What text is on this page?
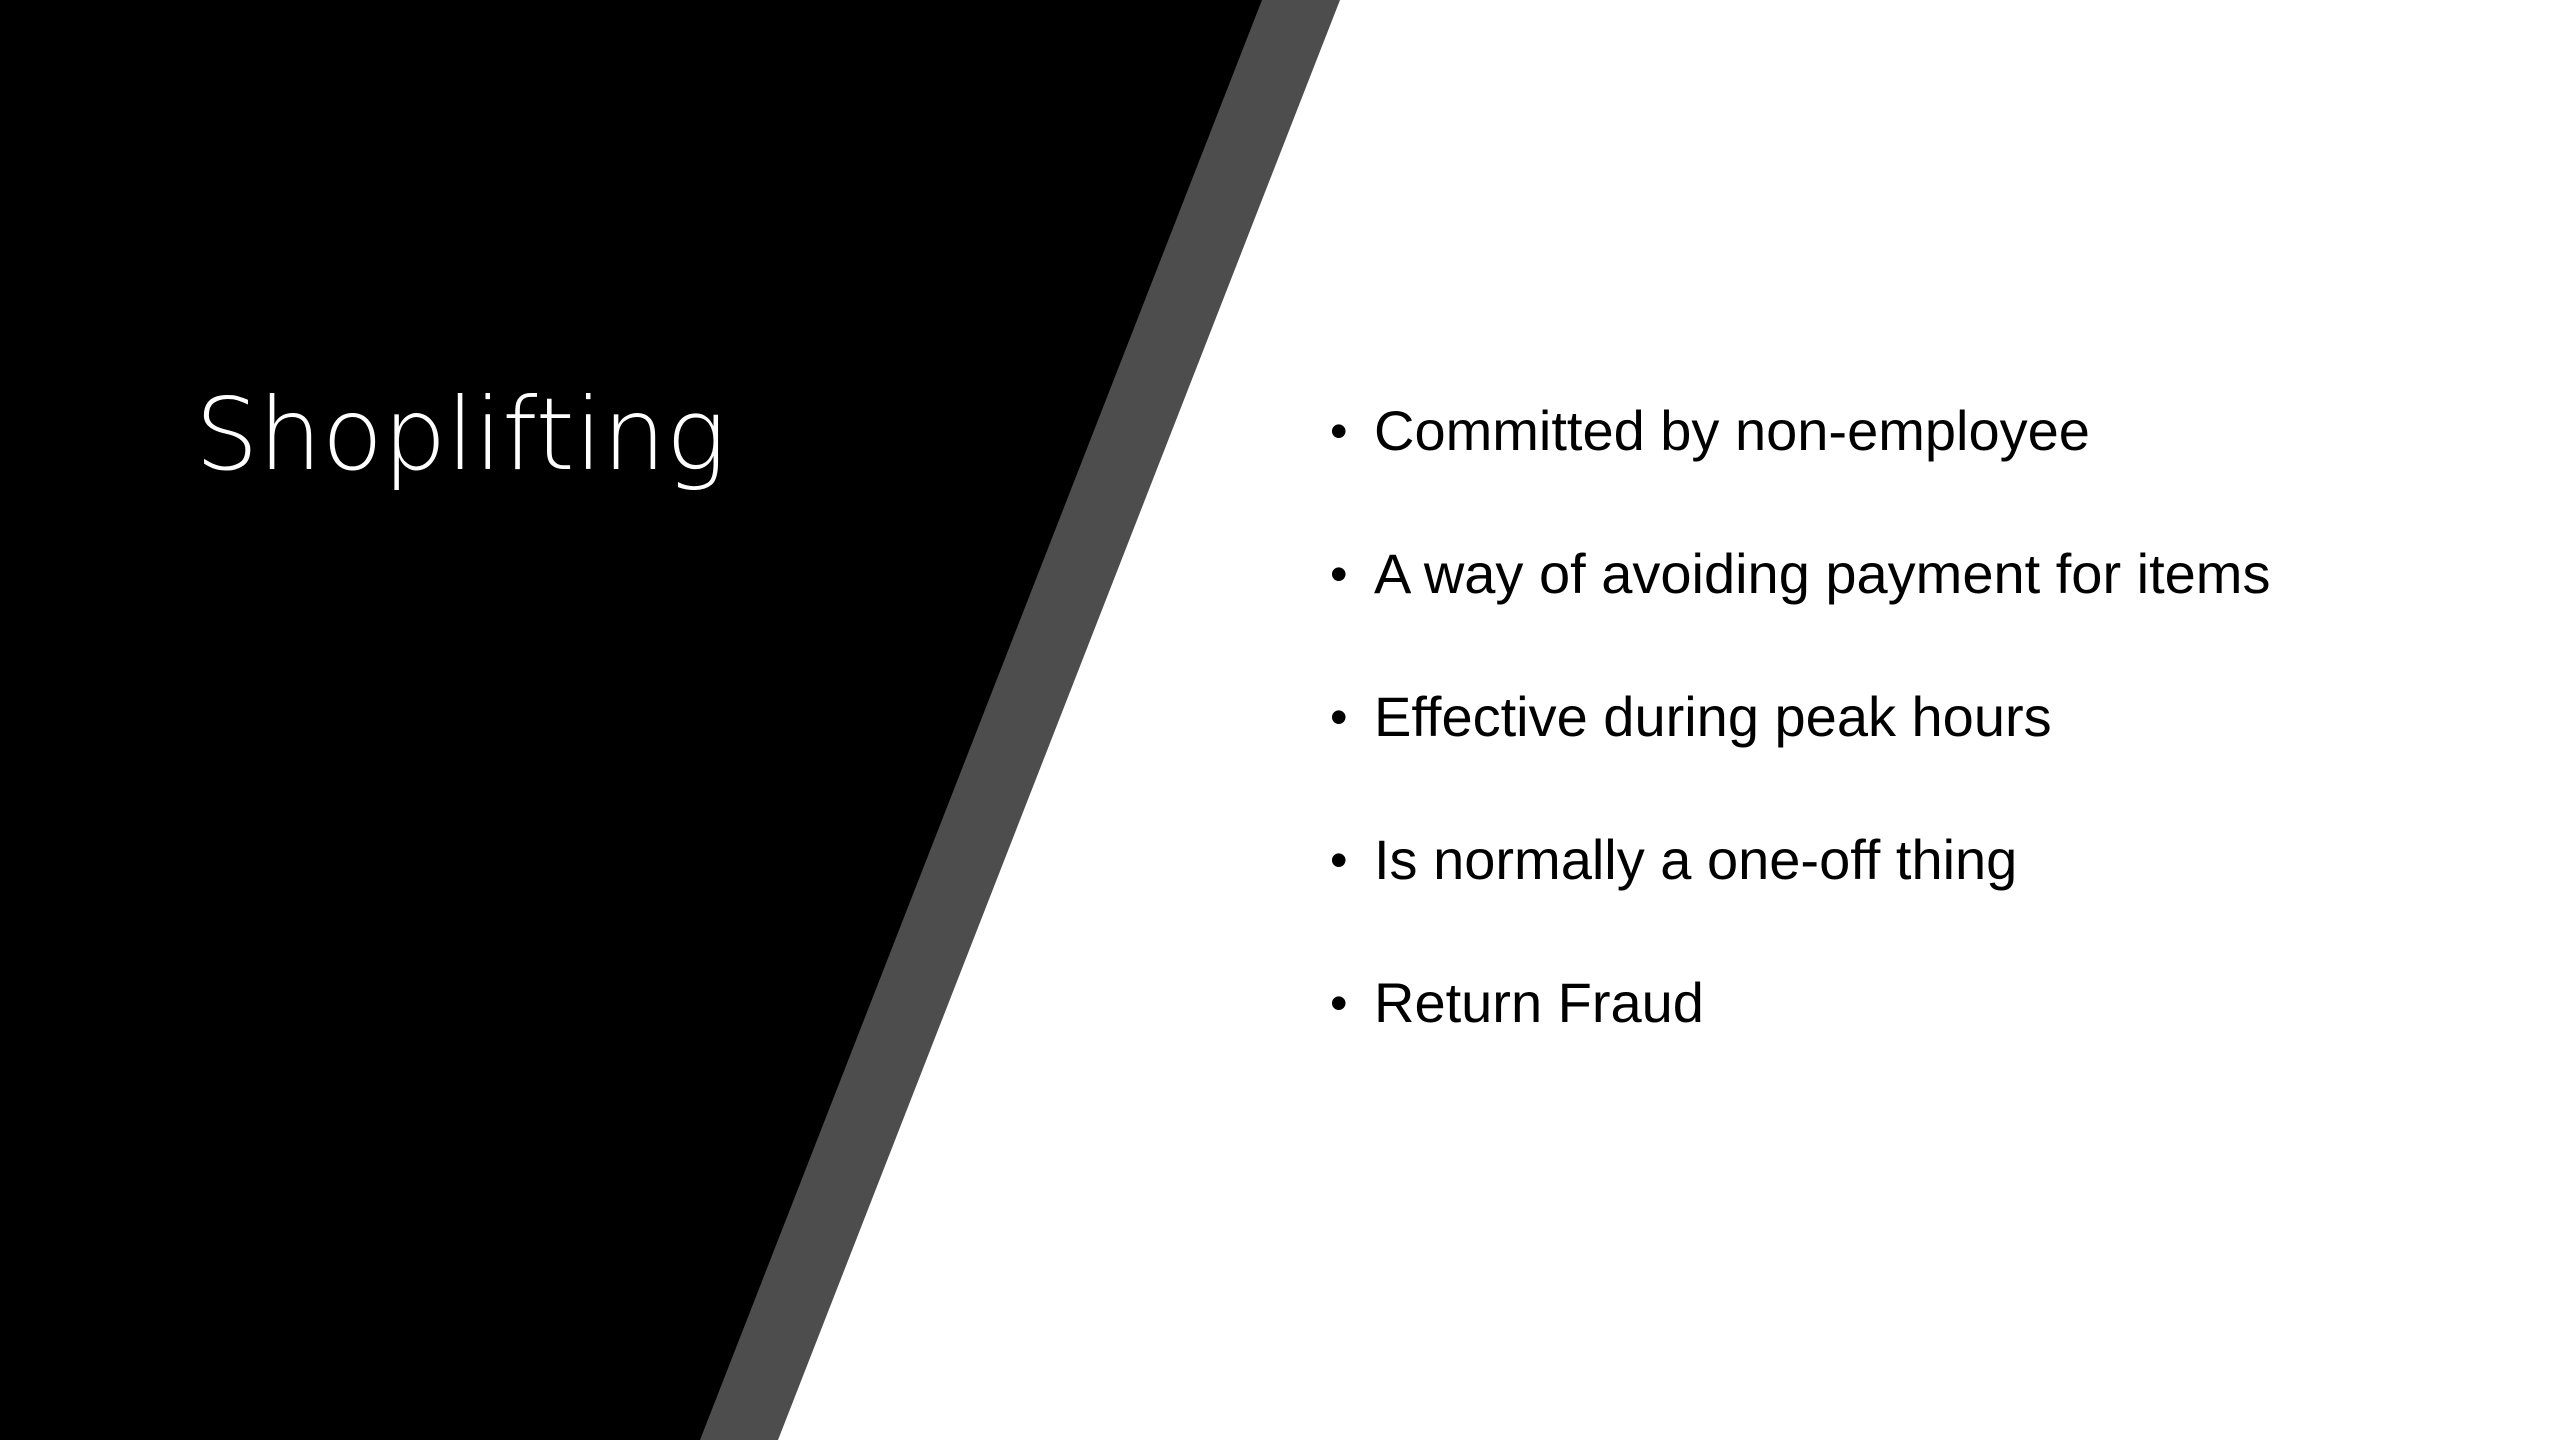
Shoplifting	• Committed by non-employee
• A way of avoiding payment for items
• Effective during peak hours
• Is normally a one-off thing
• Return Fraud
